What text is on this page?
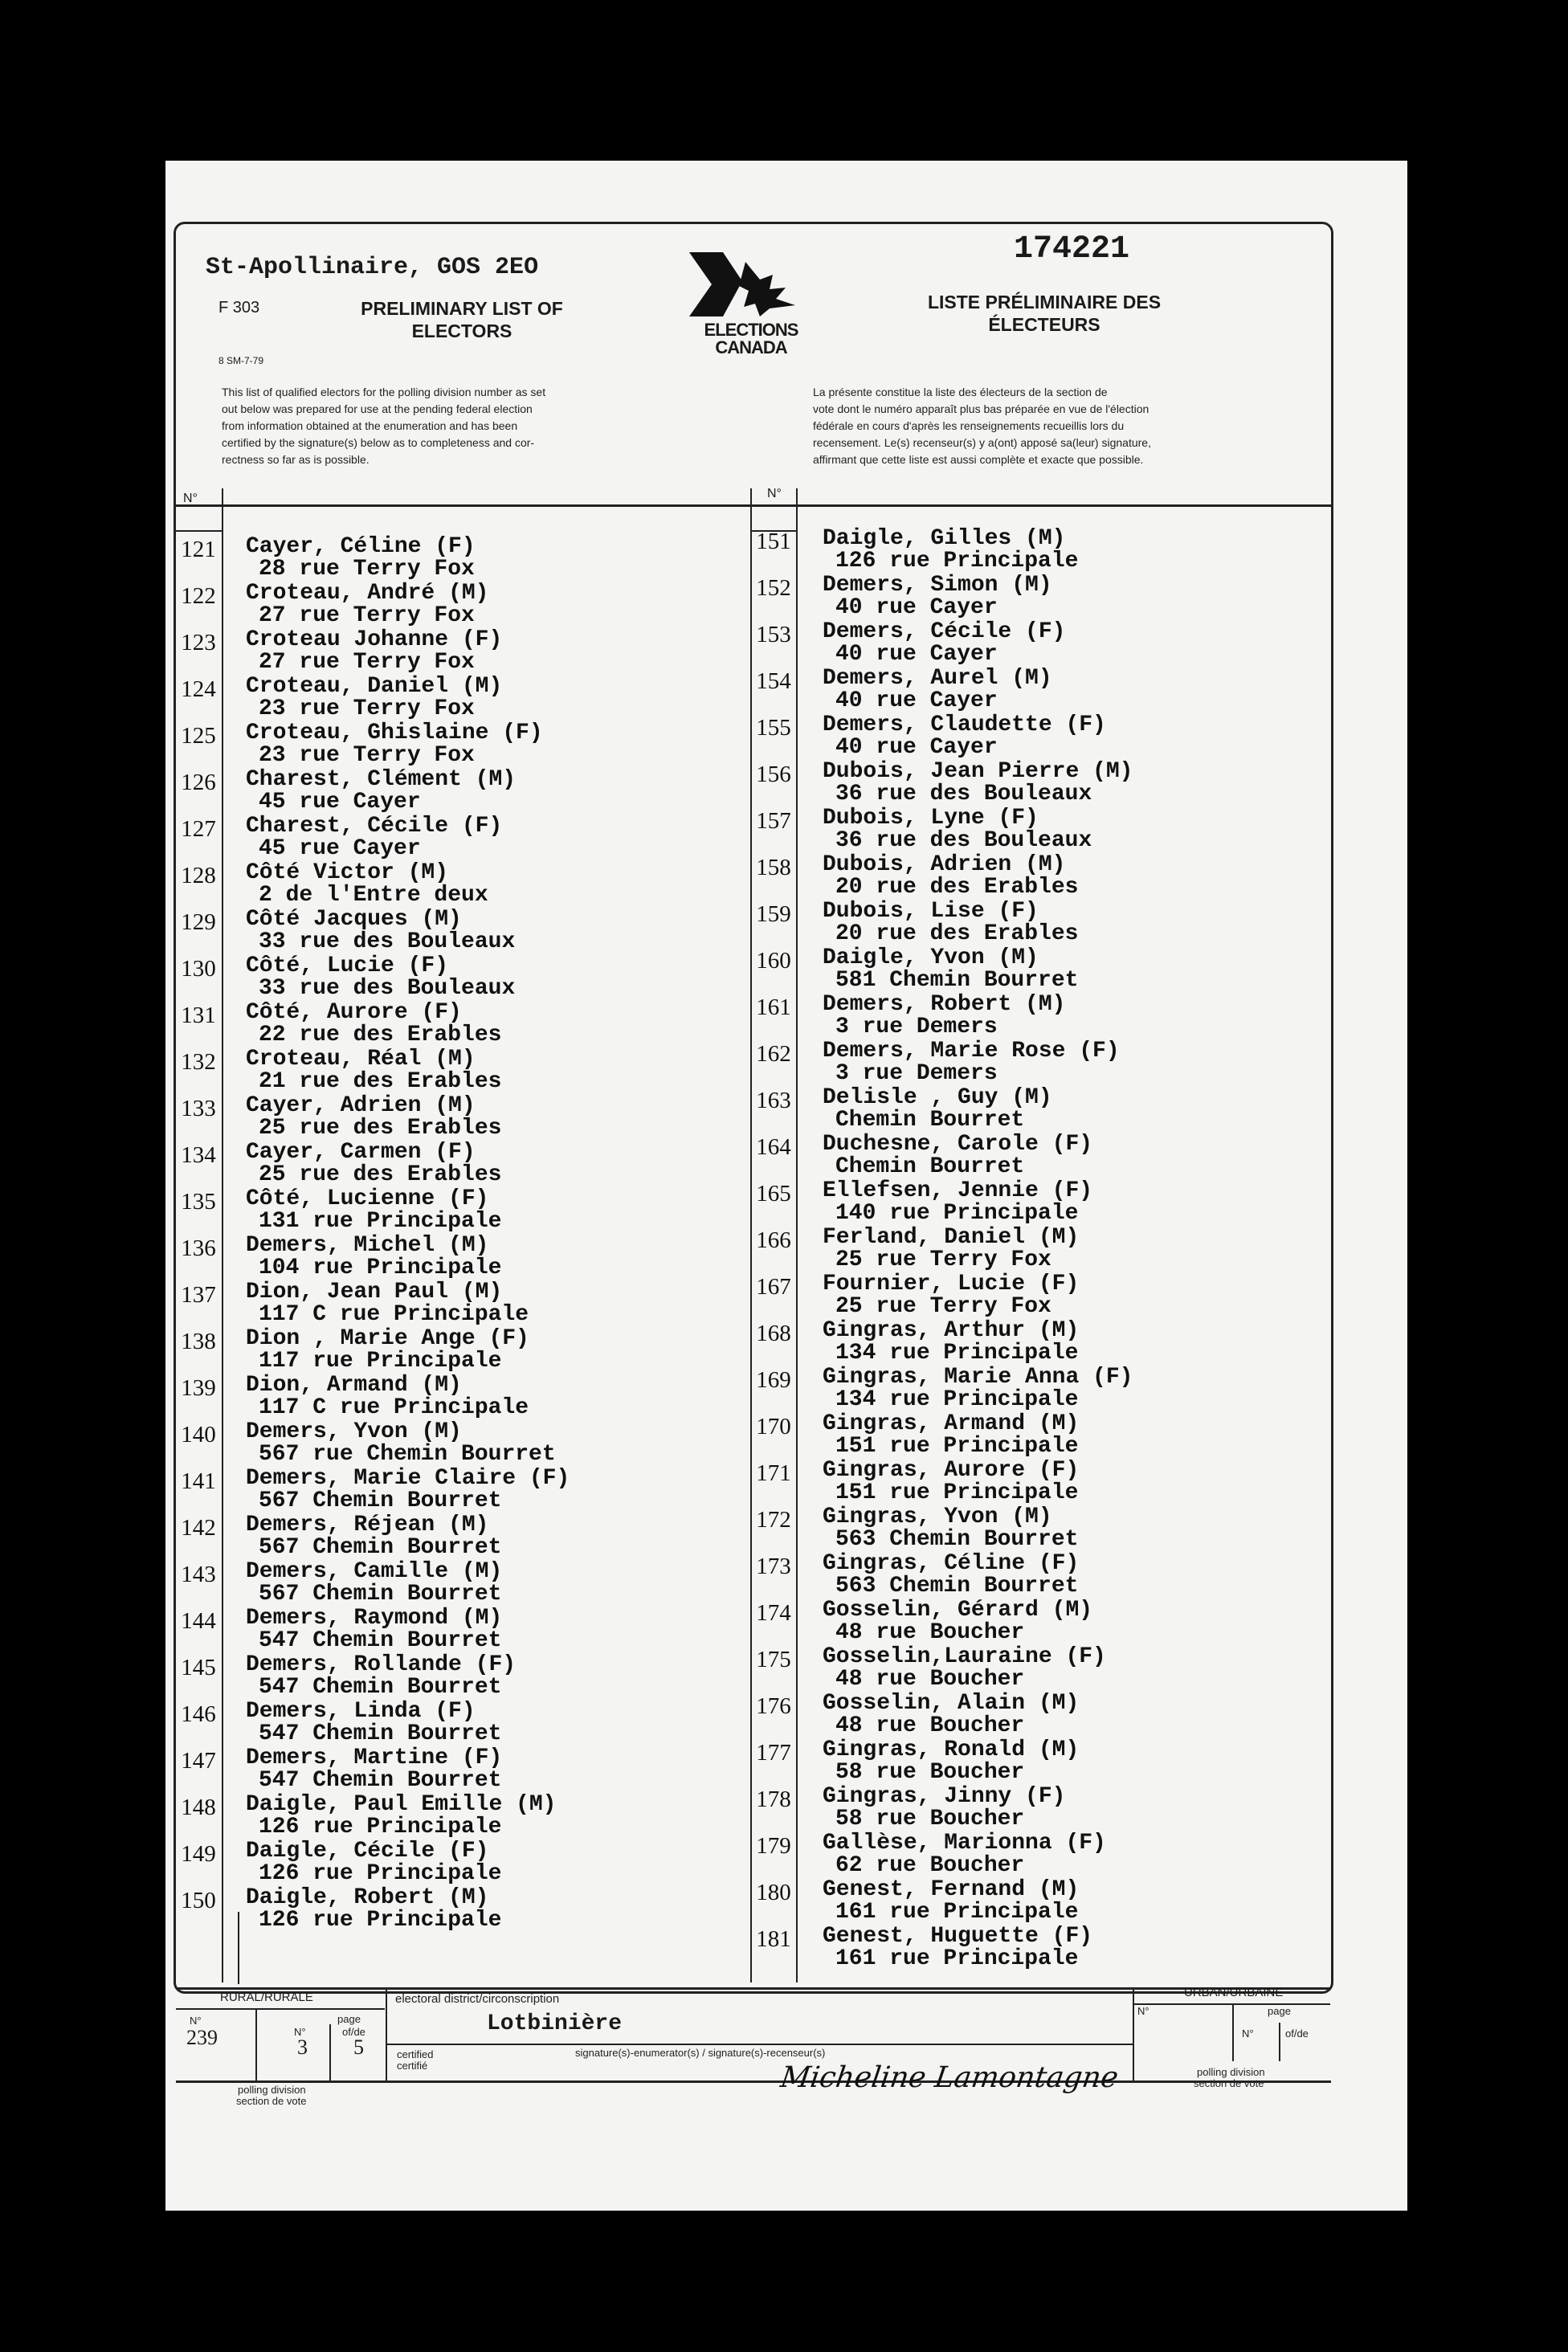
St-Apollinaire, GOS 2EO	174221
F 303
8 SM-7-79
PRELIMINARY LIST OF
ELECTORS
LISTE PRÉLIMINAIRE DES
ÉLECTEURS
ELECTIONS
CANADA
This list of qualified electors for the polling division number as set
out below was prepared for use at the pending federal election
from information obtained at the enumeration and has been
certified by the signature(s) below as to completeness and cor-
rectness so far as is possible.
La présente constitue la liste des électeurs de la section de
vote dont le numéro apparaît plus bas préparée en vue de l'élection
fédérale en cours d'après les renseignements recueillis lors du
recensement. Le(s) recenseur(s) y a(ont) apposé sa(leur) signature,
affirmant que cette liste est aussi complète et exacte que possible.
N°	N°
121	Cayer, Céline (F)
28 rue Terry Fox
122	Croteau, André (M)
27 rue Terry Fox
123	Croteau Johanne (F)
27 rue Terry Fox
124	Croteau, Daniel (M)
23 rue Terry Fox
125	Croteau, Ghislaine (F)
23 rue Terry Fox
126	Charest, Clément (M)
45 rue Cayer
127	Charest, Cécile (F)
45 rue Cayer
128	Côté Victor (M)
2 de l'Entre deux
129	Côté Jacques (M)
33 rue des Bouleaux
130	Côté, Lucie (F)
33 rue des Bouleaux
131	Côté, Aurore (F)
22 rue des Erables
132	Croteau, Réal (M)
21 rue des Erables
133	Cayer, Adrien (M)
25 rue des Erables
134	Cayer, Carmen (F)
25 rue des Erables
135	Côté, Lucienne (F)
131 rue Principale
136	Demers, Michel (M)
104 rue Principale
137	Dion, Jean Paul (M)
117 C rue Principale
138	Dion , Marie Ange (F)
117 rue Principale
139	Dion, Armand (M)
117 C rue Principale
140	Demers, Yvon (M)
567 rue Chemin Bourret
141	Demers, Marie Claire (F)
567 Chemin Bourret
142	Demers, Réjean (M)
567 Chemin Bourret
143	Demers, Camille (M)
567 Chemin Bourret
144	Demers, Raymond (M)
547 Chemin Bourret
145	Demers, Rollande (F)
547 Chemin Bourret
146	Demers, Linda (F)
547 Chemin Bourret
147	Demers, Martine (F)
547 Chemin Bourret
148	Daigle, Paul Emille (M)
126 rue Principale
149	Daigle, Cécile (F)
126 rue Principale
150	Daigle, Robert (M)
126 rue Principale
151	Daigle, Gilles (M)
126 rue Principale
152	Demers, Simon (M)
40 rue Cayer
153	Demers, Cécile (F)
40 rue Cayer
154	Demers, Aurel (M)
40 rue Cayer
155	Demers, Claudette (F)
40 rue Cayer
156	Dubois, Jean Pierre (M)
36 rue des Bouleaux
157	Dubois, Lyne (F)
36 rue des Bouleaux
158	Dubois, Adrien (M)
20 rue des Erables
159	Dubois, Lise (F)
20 rue des Erables
160	Daigle, Yvon (M)
581 Chemin Bourret
161	Demers, Robert (M)
3 rue Demers
162	Demers, Marie Rose (F)
3 rue Demers
163	Delisle , Guy (M)
Chemin Bourret
164	Duchesne, Carole (F)
Chemin Bourret
165	Ellefsen, Jennie (F)
140 rue Principale
166	Ferland, Daniel (M)
25 rue Terry Fox
167	Fournier, Lucie (F)
25 rue Terry Fox
168	Gingras, Arthur (M)
134 rue Principale
169	Gingras, Marie Anna (F)
134 rue Principale
170	Gingras, Armand (M)
151 rue Principale
171	Gingras, Aurore (F)
151 rue Principale
172	Gingras, Yvon (M)
563 Chemin Bourret
173	Gingras, Céline (F)
563 Chemin Bourret
174	Gosselin, Gérard (M)
48 rue Boucher
175	Gosselin,Lauraine (F)
48 rue Boucher
176	Gosselin, Alain (M)
48 rue Boucher
177	Gingras, Ronald (M)
58 rue Boucher
178	Gingras, Jinny (F)
58 rue Boucher
179	Gallèse, Marionna (F)
62 rue Boucher
180	Genest, Fernand (M)
161 rue Principale
181	Genest, Huguette (F)
161 rue Principale
RURAL/RURALE	URBAN/URBAINE
electoral district/circonscription
Lotbinière
N°
239
page
N°	of/de
3 5
polling division
section de vote
certified
certifié
signature(s)-enumerator(s) / signature(s)-recenseur(s)
Micheline Lamontagne
N°	page
N°	of/de
polling division
section de vote
